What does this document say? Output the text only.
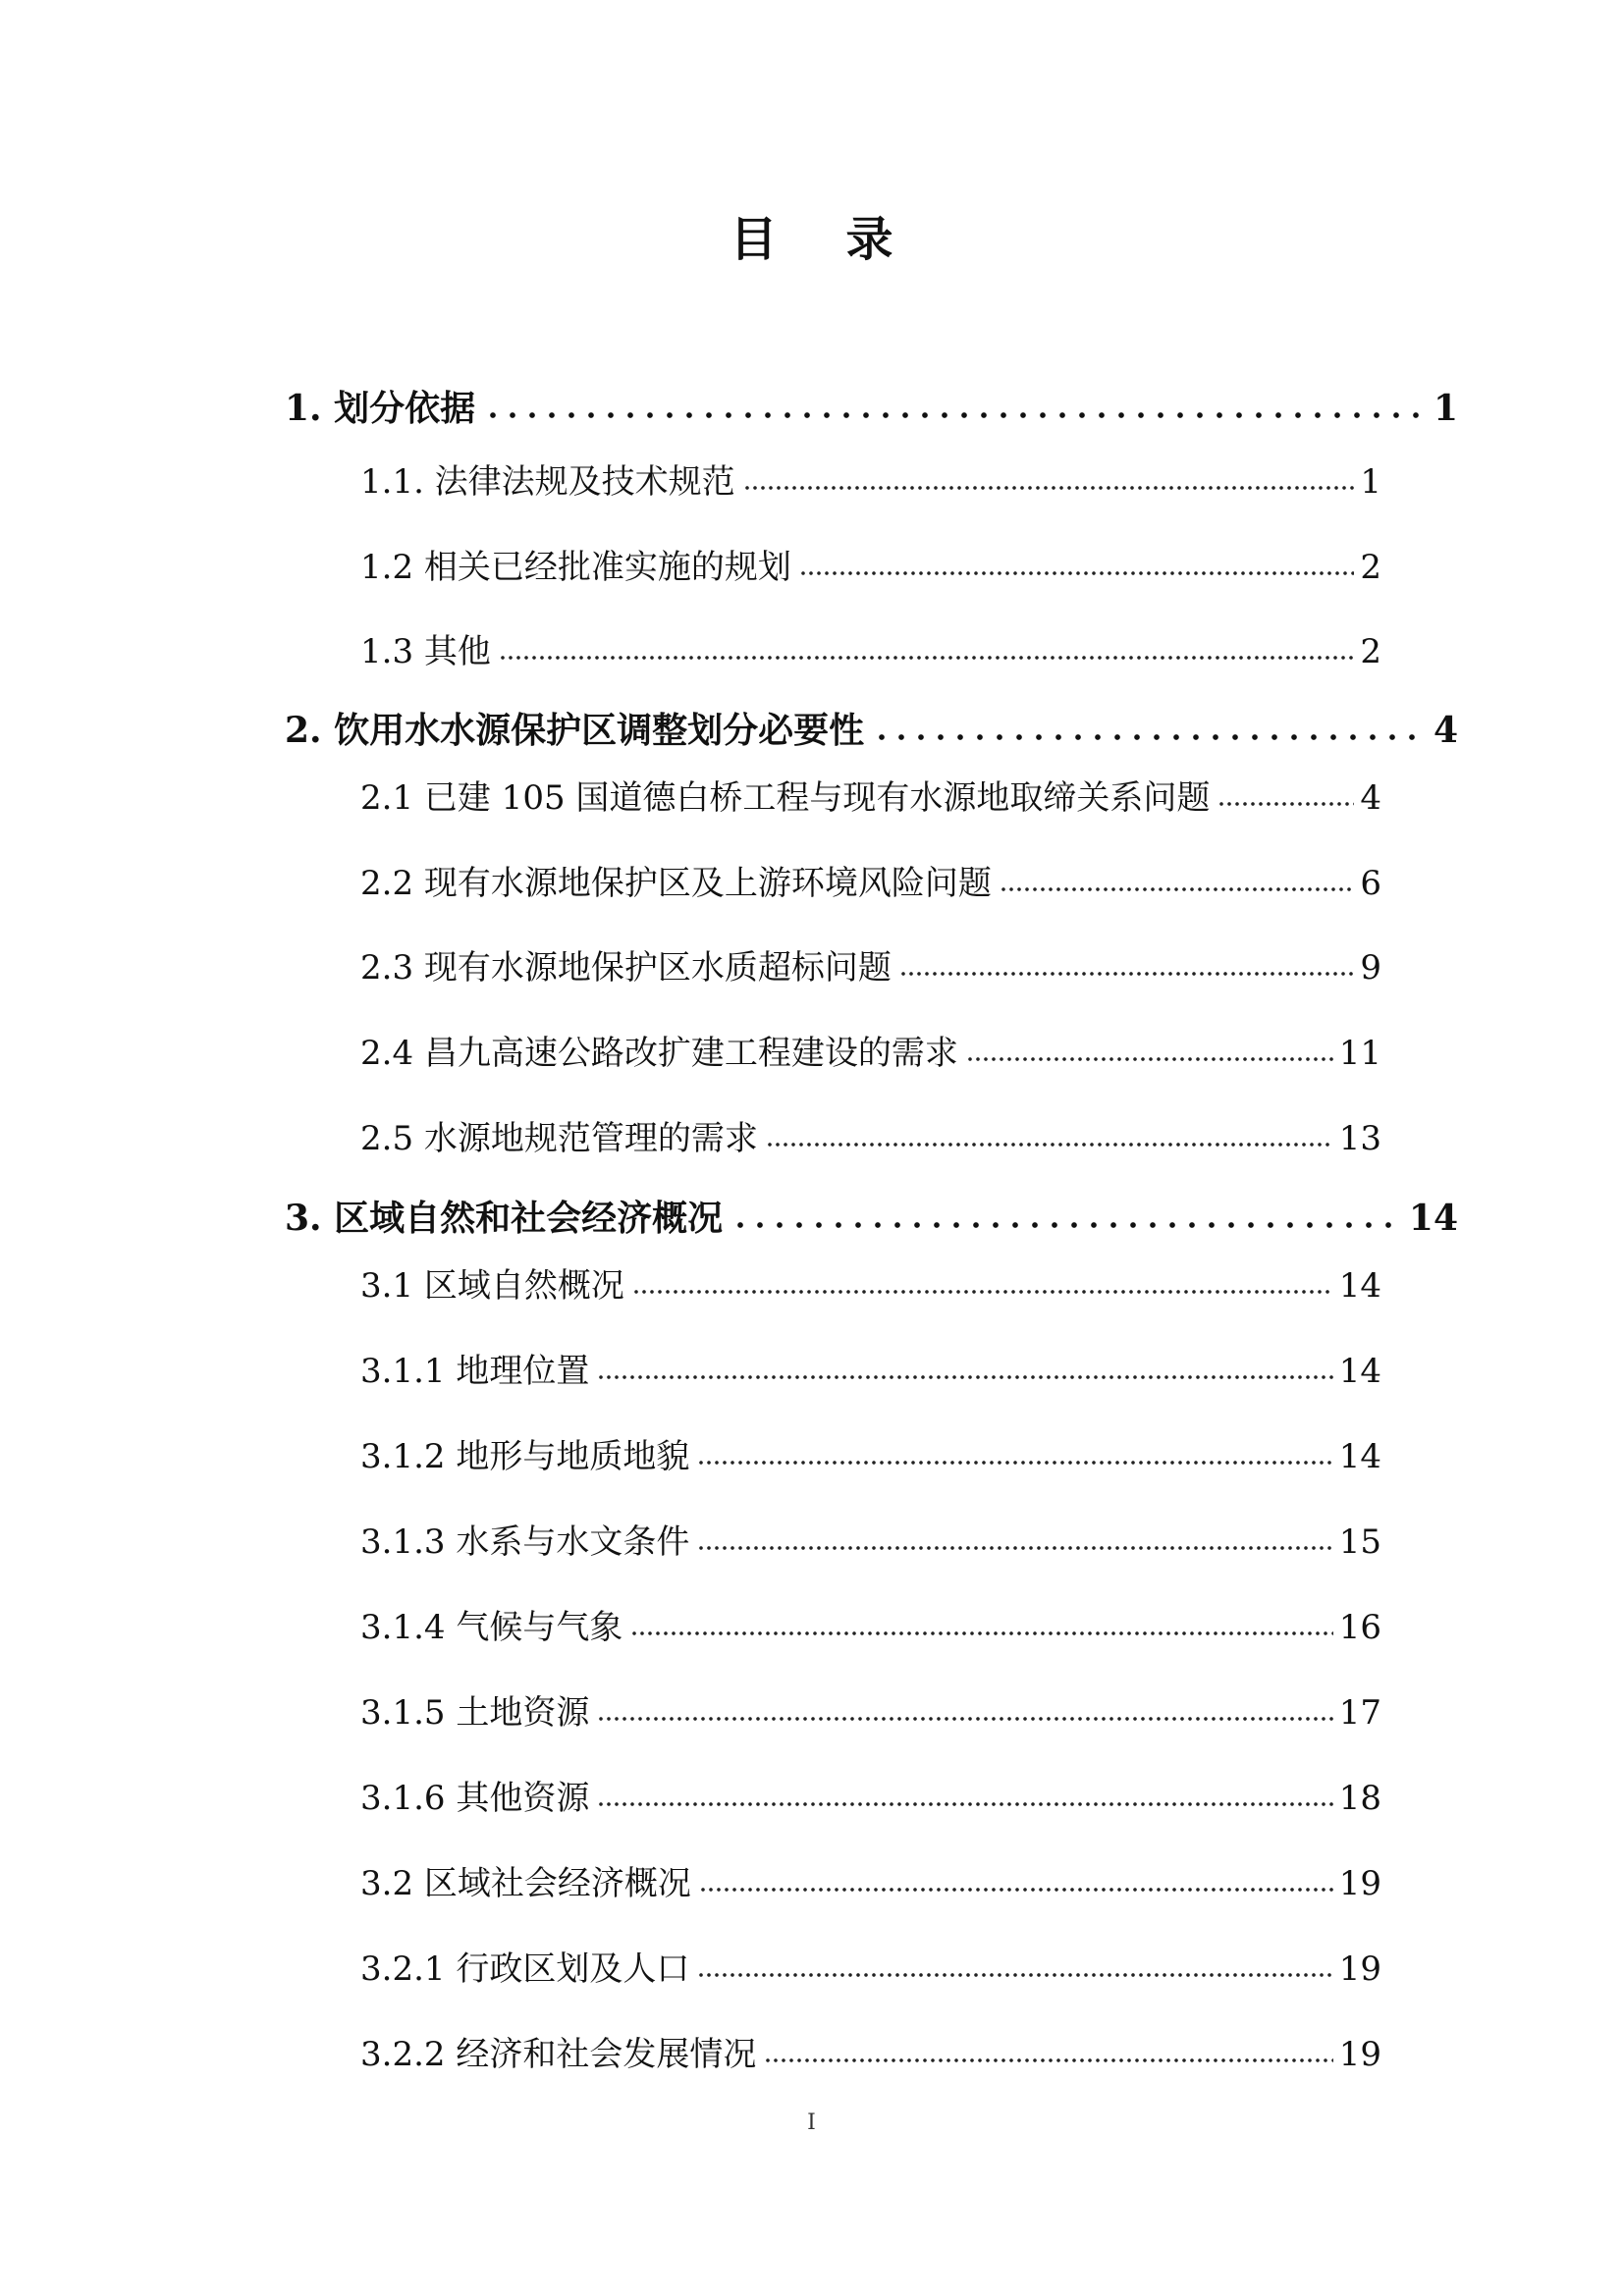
目 录
1. 划分依据	1
1.1. 法律法规及技术规范	1
1.2 相关已经批准实施的规划	2
1.3 其他	2
2. 饮用水水源保护区调整划分必要性	4
2.1 已建 105 国道德白桥工程与现有水源地取缔关系问题	4
2.2 现有水源地保护区及上游环境风险问题	6
2.3 现有水源地保护区水质超标问题	9
2.4 昌九高速公路改扩建工程建设的需求	11
2.5 水源地规范管理的需求	13
3. 区域自然和社会经济概况	14
3.1 区域自然概况	14
3.1.1 地理位置	14
3.1.2 地形与地质地貌	14
3.1.3 水系与水文条件	15
3.1.4 气候与气象	16
3.1.5 土地资源	17
3.1.6 其他资源	18
3.2 区域社会经济概况	19
3.2.1 行政区划及人口	19
3.2.2 经济和社会发展情况	19
I
